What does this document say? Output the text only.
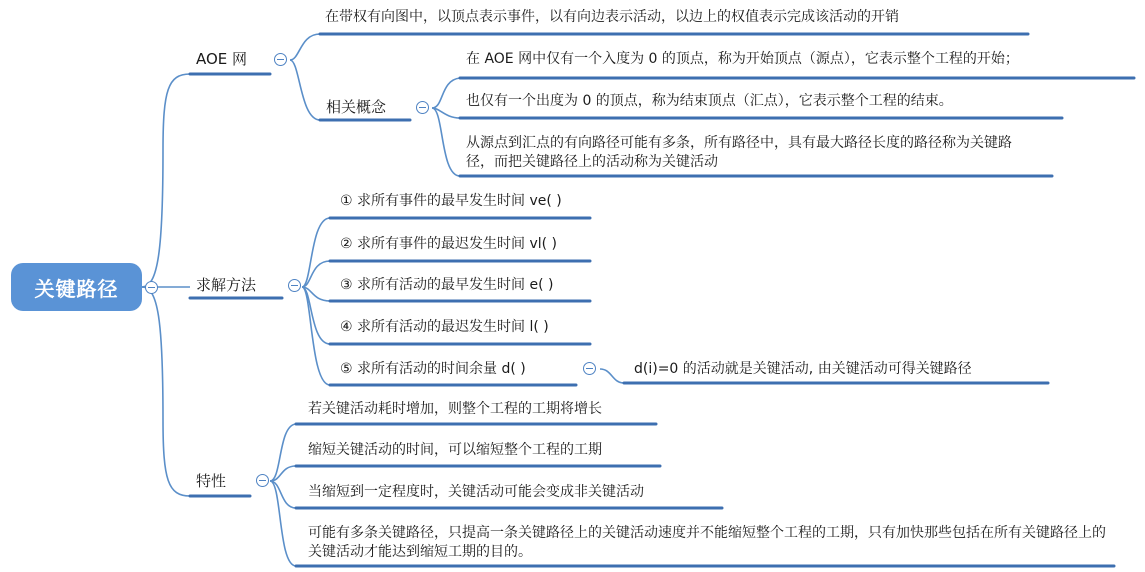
关键路径
AOE 网
在带权有向图中，以顶点表示事件，以有向边表示活动，以边上的权值表示完成该活动的开销
相关概念
在 AOE 网中仅有一个入度为 0 的顶点，称为开始顶点（源点），它表示整个工程的开始；
也仅有一个出度为 0 的顶点，称为结束顶点（汇点），它表示整个工程的结束。
从源点到汇点的有向路径可能有多条，所有路径中，具有最大路径长度的路径称为关键路径，而把关键路径上的活动称为关键活动
求解方法
① 求所有事件的最早发生时间 ve( )
② 求所有事件的最迟发生时间 vl( )
③ 求所有活动的最早发生时间 e( )
④ 求所有活动的最迟发生时间 l( )
⑤ 求所有活动的时间余量 d( )	d(i)=0 的活动就是关键活动, 由关键活动可得关键路径
特性
若关键活动耗时增加，则整个工程的工期将增长
缩短关键活动的时间，可以缩短整个工程的工期
当缩短到一定程度时，关键活动可能会变成非关键活动
可能有多条关键路径，只提高一条关键路径上的关键活动速度并不能缩短整个工程的工期，只有加快那些包括在所有关键路径上的关键活动才能达到缩短工期的目的。
